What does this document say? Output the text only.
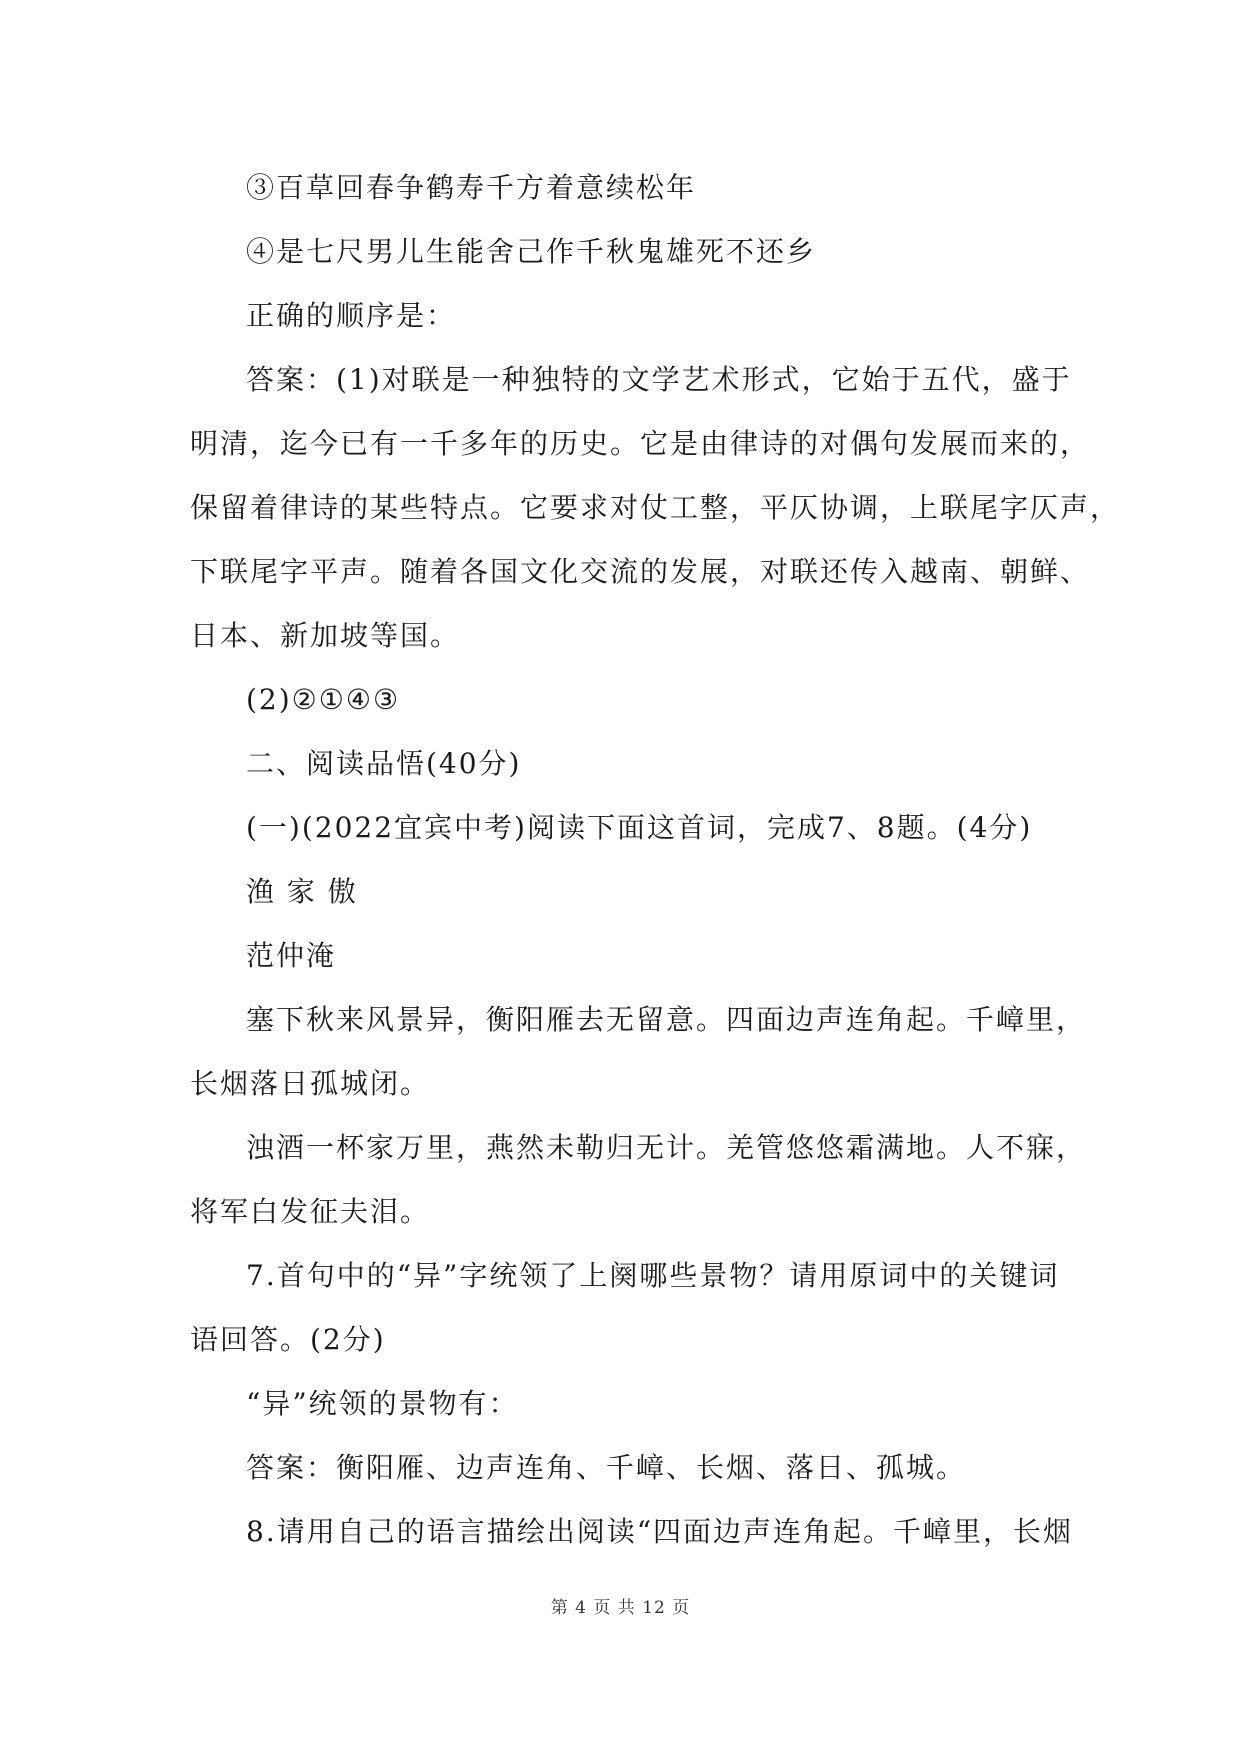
③百草回春争鹤寿千方着意续松年
④是七尺男儿生能舍己作千秋鬼雄死不还乡
正确的顺序是：
答案：(1)对联是一种独特的文学艺术形式，它始于五代，盛于
明清，迄今已有一千多年的历史。它是由律诗的对偶句发展而来的，
保留着律诗的某些特点。它要求对仗工整，平仄协调，上联尾字仄声，
下联尾字平声。随着各国文化交流的发展，对联还传入越南、朝鲜、
日本、新加坡等国。
(2)②①④③
二、阅读品悟(40分)
(一)(2022宜宾中考)阅读下面这首词，完成7、8题。(4分)
渔 家 傲
范仲淹
塞下秋来风景异，衡阳雁去无留意。四面边声连角起。千嶂里，
长烟落日孤城闭。
浊酒一杯家万里，燕然未勒归无计。羌管悠悠霜满地。人不寐，
将军白发征夫泪。
7.首句中的“异”字统领了上阕哪些景物？请用原词中的关键词
语回答。(2分)
“异”统领的景物有：
答案：衡阳雁、边声连角、千嶂、长烟、落日、孤城。
8.请用自己的语言描绘出阅读“四面边声连角起。千嶂里，长烟
第 4 页 共 12 页
